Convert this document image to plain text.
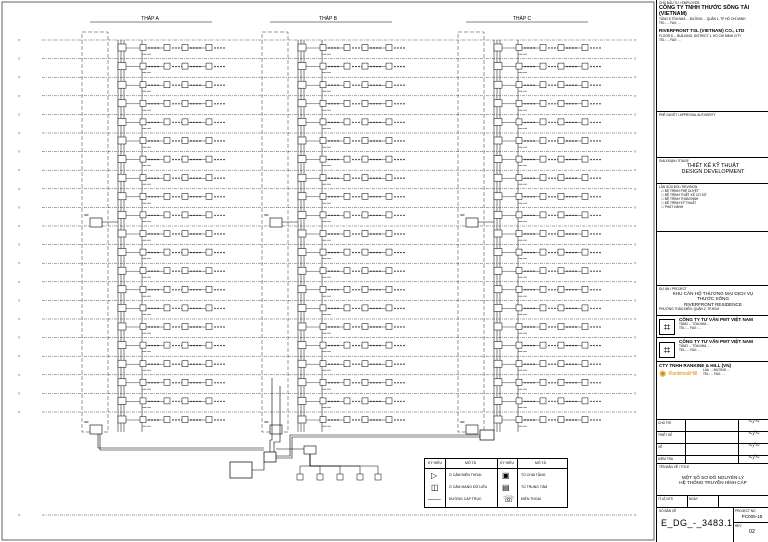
THÁP A	THÁP B	THÁP C
▽	▽
▽	▽
▽	▽
▽	▽
▽	▽
▽	▽
▽	▽
▽	▽
▽	▽
▽	▽
▽	▽
▽	▽
▽	▽
▽	▽
▽	▽
▽	▽
▽	▽
▽	▽
▽	▽
▽	▽
▽	▽
▽	▽
▪▪▪▪▪ ▪▪▪▪
▪▪▪▪▪ ▪▪▪▪
▪▪▪▪▪ ▪▪▪▪
▪▪▪▪▪ ▪▪▪▪
▪▪▪▪▪ ▪▪▪▪
▪▪▪▪▪ ▪▪▪▪
▪▪▪▪▪ ▪▪▪▪
▪▪▪▪▪ ▪▪▪▪
▪▪▪▪▪ ▪▪▪▪
▪▪▪▪▪ ▪▪▪▪
▪▪▪▪▪ ▪▪▪▪
▪▪▪▪▪ ▪▪▪▪
▪▪▪▪▪ ▪▪▪▪
▪▪▪▪▪ ▪▪▪▪
▪▪▪▪▪ ▪▪▪▪
▪▪▪▪▪ ▪▪▪▪
▪▪▪▪▪ ▪▪▪▪
▪▪▪▪▪ ▪▪▪▪
▪▪▪▪▪ ▪▪▪▪
▪▪▪▪▪ ▪▪▪▪
▪▪▪▪▪ ▪▪▪▪
IDF
IDF
▪▪▪▪▪ ▪▪▪▪
▪▪▪▪▪ ▪▪▪▪
▪▪▪▪▪ ▪▪▪▪
▪▪▪▪▪ ▪▪▪▪
▪▪▪▪▪ ▪▪▪▪
▪▪▪▪▪ ▪▪▪▪
▪▪▪▪▪ ▪▪▪▪
▪▪▪▪▪ ▪▪▪▪
▪▪▪▪▪ ▪▪▪▪
▪▪▪▪▪ ▪▪▪▪
▪▪▪▪▪ ▪▪▪▪
▪▪▪▪▪ ▪▪▪▪
▪▪▪▪▪ ▪▪▪▪
▪▪▪▪▪ ▪▪▪▪
▪▪▪▪▪ ▪▪▪▪
▪▪▪▪▪ ▪▪▪▪
▪▪▪▪▪ ▪▪▪▪
▪▪▪▪▪ ▪▪▪▪
▪▪▪▪▪ ▪▪▪▪
▪▪▪▪▪ ▪▪▪▪
▪▪▪▪▪ ▪▪▪▪
IDF
IDF
▪▪▪▪▪ ▪▪▪▪
▪▪▪▪▪ ▪▪▪▪
▪▪▪▪▪ ▪▪▪▪
▪▪▪▪▪ ▪▪▪▪
▪▪▪▪▪ ▪▪▪▪
▪▪▪▪▪ ▪▪▪▪
▪▪▪▪▪ ▪▪▪▪
▪▪▪▪▪ ▪▪▪▪
▪▪▪▪▪ ▪▪▪▪
▪▪▪▪▪ ▪▪▪▪
▪▪▪▪▪ ▪▪▪▪
▪▪▪▪▪ ▪▪▪▪
▪▪▪▪▪ ▪▪▪▪
▪▪▪▪▪ ▪▪▪▪
▪▪▪▪▪ ▪▪▪▪
▪▪▪▪▪ ▪▪▪▪
▪▪▪▪▪ ▪▪▪▪
▪▪▪▪▪ ▪▪▪▪
▪▪▪▪▪ ▪▪▪▪
▪▪▪▪▪ ▪▪▪▪
▪▪▪▪▪ ▪▪▪▪
IDF
IDF
KÝ HIỆU	MÔ TẢ	KÝ HIỆU	MÔ TẢ
▷	Ổ CẮM ĐIỆN THOẠI	▣	TỦ CHIA TẦNG
◫	Ổ CẮM MẠNG DỮ LIỆU ▤	TỦ TRUNG TÂM
─── ĐƯỜNG CÁP TRỤC ☏ ĐIỆN THOẠI
CHỦ ĐẦU TƯ / EMPLOYER
CÔNG TY TNHH THƯỚC SÔNG TẢI (VIETNAM)
TẦNG 8 TÒA NHÀ ... ĐƯỜNG ... QUẬN 1, TP HỒ CHÍ MINH
TEL: ... FAX: ...
RIVERFRONT TSL (VIETNAM) CO., LTD
FLOOR 8 ... BUILDING, DISTRICT 1, HO CHI MINH CITY
TEL: ... FAX: ...
PHÊ DUYỆT / APPROVAL AUTHORITY
GIAI ĐOẠN / STAGE
THIẾT KẾ KỸ THUẬT
DESIGN DEVELOPMENT
LẦN SỬA ĐỔI / REVISION
☐ ĐỆ TRÌNH PHÊ DUYỆT
☐ ĐỆ TRÌNH THIẾT KẾ CƠ SỞ
☐ ĐỆ TRÌNH THẨM ĐỊNH
☐ ĐỆ TRÌNH KỸ THUẬT
☐ PHÁT HÀNH
DỰ ÁN / PROJECT
KHU CĂN HỘ THƯƠNG MẠI DỊCH VỤ
THƯỚC SÔNG
RIVERFRONT RESIDENCE
PHƯỜNG THẢO ĐIỀN, QUẬN 2, TP.HCM
⌗
CÔNG TY TƯ VẤN PMT VIỆT NAM
TẦNG ... TÒA NHÀ ...
TEL: ... FAX: ...
⌗
CÔNG TY TƯ VẤN PMT VIỆT NAM
TẦNG ... TÒA NHÀ ...
TEL: ... FAX: ...
CTY TNHH RANKINE & HILL (VN)
✺ Rankine&Hill
LẦU ... ĐƯỜNG ...
TEL: ... FAX: ...
CHỦ TRÌ	~/~
THIẾT KẾ	~/~
VẼ	~/~
KIỂM TRA	~/~
TÊN BẢN VẼ / TITLE
MỘT SỐ SƠ ĐỒ NGUYÊN LÝ
HỆ THỐNG TRUYỀN HÌNH CÁP
TỈ LỆ NTS	NGÀY
SỐ BẢN VẼ
E_DG_-_3483.1
PROJECT NO
PC005-15
REV
02
